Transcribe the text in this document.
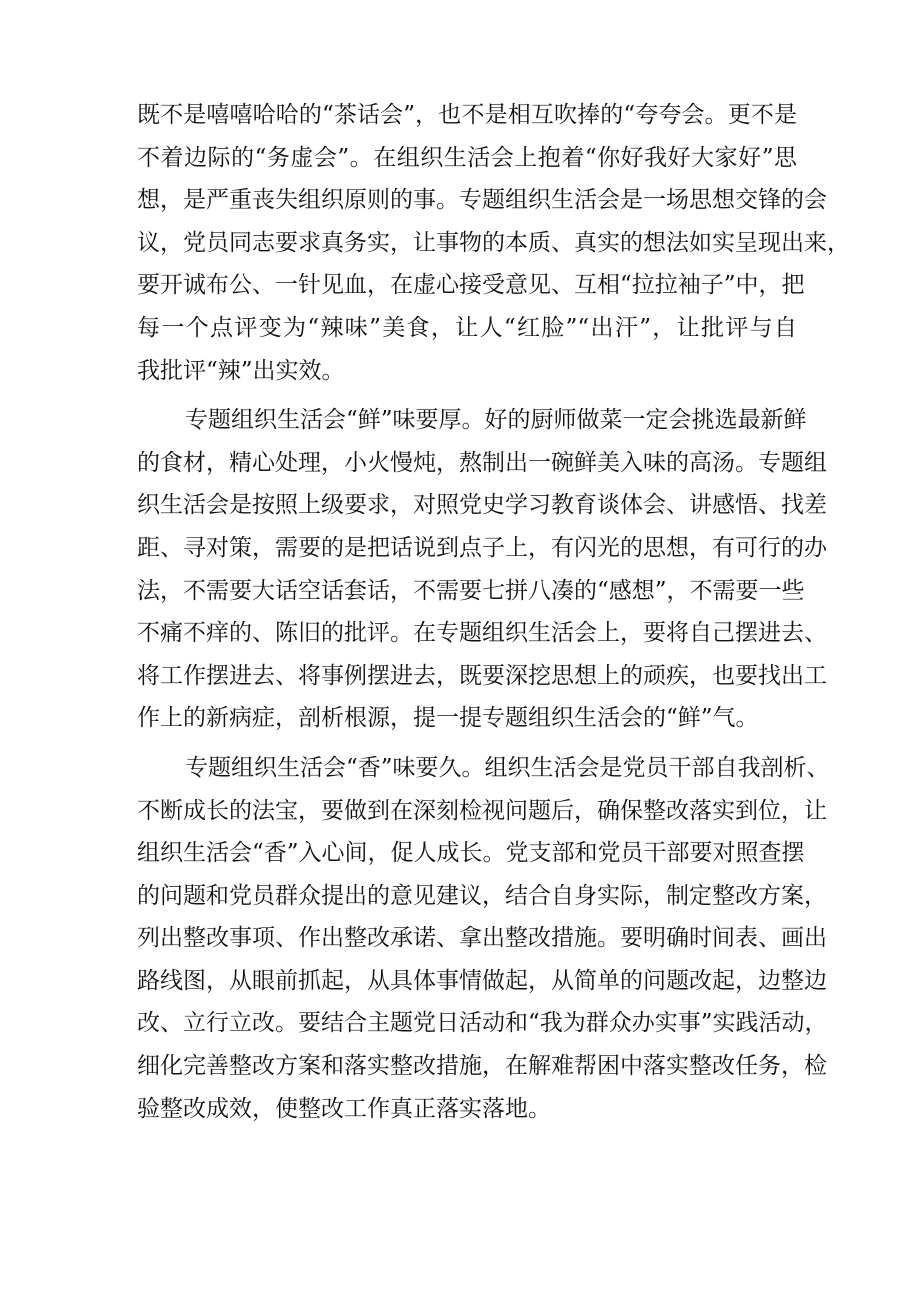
既不是嘻嘻哈哈的“茶话会”，也不是相互吹捧的“夸夸会。更不是
不着边际的“务虚会”。在组织生活会上抱着“你好我好大家好”思
想，是严重丧失组织原则的事。专题组织生活会是一场思想交锋的会
议，党员同志要求真务实，让事物的本质、真实的想法如实呈现出来，
要开诚布公、一针见血，在虚心接受意见、互相“拉拉袖子”中，把
每一个点评变为“辣味”美食，让人“红脸”“出汗”，让批评与自
我批评“辣”出实效。
专题组织生活会“鲜”味要厚。好的厨师做菜一定会挑选最新鲜
的食材，精心处理，小火慢炖，熬制出一碗鲜美入味的高汤。专题组
织生活会是按照上级要求，对照党史学习教育谈体会、讲感悟、找差
距、寻对策，需要的是把话说到点子上，有闪光的思想，有可行的办
法，不需要大话空话套话，不需要七拼八凑的“感想”，不需要一些
不痛不痒的、陈旧的批评。在专题组织生活会上，要将自己摆进去、
将工作摆进去、将事例摆进去，既要深挖思想上的顽疾，也要找出工
作上的新病症，剖析根源，提一提专题组织生活会的“鲜”气。
专题组织生活会“香”味要久。组织生活会是党员干部自我剖析、
不断成长的法宝，要做到在深刻检视问题后，确保整改落实到位，让
组织生活会“香”入心间，促人成长。党支部和党员干部要对照查摆
的问题和党员群众提出的意见建议，结合自身实际，制定整改方案，
列出整改事项、作出整改承诺、拿出整改措施。要明确时间表、画出
路线图，从眼前抓起，从具体事情做起，从简单的问题改起，边整边
改、立行立改。要结合主题党日活动和“我为群众办实事”实践活动，
细化完善整改方案和落实整改措施，在解难帮困中落实整改任务，检
验整改成效，使整改工作真正落实落地。
